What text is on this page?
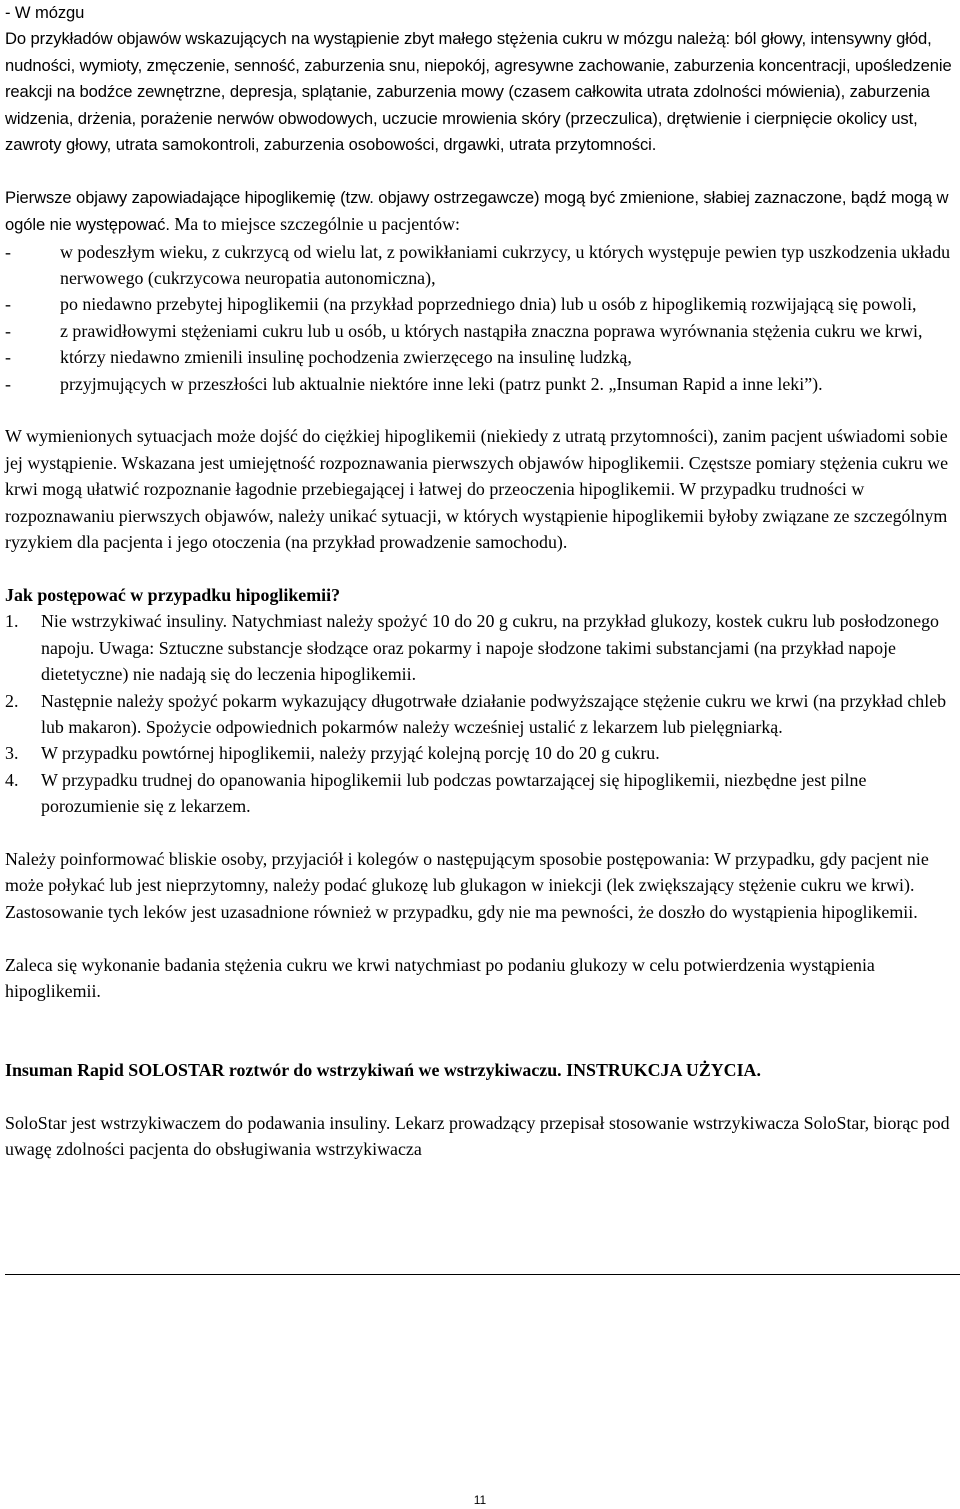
- W mózgu

Do przykładów objawów wskazujących na wystąpienie zbyt małego stężenia cukru w mózgu należą: ból głowy, intensywny głód, nudności, wymioty, zmęczenie, senność, zaburzenia snu, niepokój, agresywne zachowanie, zaburzenia koncentracji, upośledzenie reakcji na bodźce zewnętrzne, depresja, splątanie, zaburzenia mowy (czasem całkowita utrata zdolności mówienia), zaburzenia widzenia, drżenia, porażenie nerwów obwodowych, uczucie mrowienia skóry (przeczulica), drętwienie i cierpnięcie okolicy ust, zawroty głowy, utrata samokontroli, zaburzenia osobowości, drgawki, utrata przytomności.

Pierwsze objawy zapowiadające hipoglikemię (tzw. objawy ostrzegawcze) mogą być zmienione, słabiej zaznaczone, bądź mogą w ogóle nie występować. Ma to miejsce szczególnie u pacjentów:

-	w podeszłym wieku, z cukrzycą od wielu lat, z powikłaniami cukrzycy, u których występuje pewien typ uszkodzenia układu nerwowego (cukrzycowa neuropatia autonomiczna),
-	po niedawno przebytej hipoglikemii (na przykład poprzedniego dnia) lub u osób z hipoglikemią rozwijającą się powoli,
-	z prawidłowymi stężeniami cukru lub u osób, u których nastąpiła znaczna poprawa wyrównania stężenia cukru we krwi,
-	którzy niedawno zmienili insulinę pochodzenia zwierzęcego na insulinę ludzką,
-	przyjmujących w przeszłości lub aktualnie niektóre inne leki (patrz punkt 2. „Insuman Rapid a inne leki”).

W wymienionych sytuacjach może dojść do ciężkiej hipoglikemii (niekiedy z utratą przytomności), zanim pacjent uświadomi sobie jej wystąpienie. Wskazana jest umiejętność rozpoznawania pierwszych objawów hipoglikemii. Częstsze pomiary stężenia cukru we krwi mogą ułatwić rozpoznanie łagodnie przebiegającej i łatwej do przeoczenia hipoglikemii. W przypadku trudności w rozpoznawaniu pierwszych objawów, należy unikać sytuacji, w których wystąpienie hipoglikemii byłoby związane ze szczególnym ryzykiem dla pacjenta i jego otoczenia (na przykład prowadzenie samochodu).

Jak postępować w przypadku hipoglikemii?

1. Nie wstrzykiwać insuliny. Natychmiast należy spożyć 10 do 20 g cukru, na przykład glukozy, kostek cukru lub posłodzonego napoju. Uwaga: Sztuczne substancje słodzące oraz pokarmy i napoje słodzone takimi substancjami (na przykład napoje dietetyczne) nie nadają się do leczenia hipoglikemii.
2. Następnie należy spożyć pokarm wykazujący długotrwałe działanie podwyższające stężenie cukru we krwi (na przykład chleb lub makaron). Spożycie odpowiednich pokarmów należy wcześniej ustalić z lekarzem lub pielęgniarką.
3. W przypadku powtórnej hipoglikemii, należy przyjąć kolejną porcję 10 do 20 g cukru.
4. W przypadku trudnej do opanowania hipoglikemii lub podczas powtarzającej się hipoglikemii, niezbędne jest pilne porozumienie się z lekarzem.

Należy poinformować bliskie osoby, przyjaciół i kolegów o następującym sposobie postępowania: W przypadku, gdy pacjent nie może połykać lub jest nieprzytomny, należy podać glukozę lub glukagon w iniekcji (lek zwiększający stężenie cukru we krwi). Zastosowanie tych leków jest uzasadnione również w przypadku, gdy nie ma pewności, że doszło do wystąpienia hipoglikemii.

Zaleca się wykonanie badania stężenia cukru we krwi natychmiast po podaniu glukozy w celu potwierdzenia wystąpienia hipoglikemii.

Insuman Rapid SOLOSTAR roztwór do wstrzykiwań we wstrzykiwaczu. INSTRUKCJA UŻYCIA.

SoloStar jest wstrzykiwaczem do podawania insuliny. Lekarz prowadzący przepisał stosowanie wstrzykiwacza SoloStar, biorąc pod uwagę zdolności pacjenta do obsługiwania wstrzykiwacza

11
